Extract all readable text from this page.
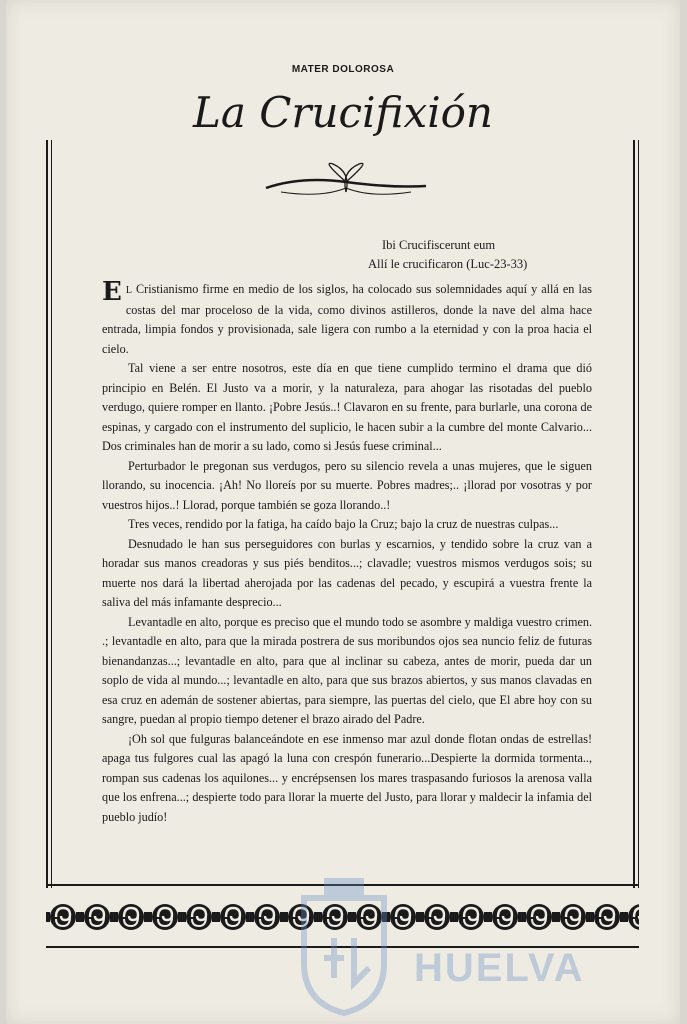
MATER DOLOROSA
La Crucifixión
Ibi Crucifiscerunt eum
Allí le crucificaron (Luc-23-33)

E L Cristianismo firme en medio de los siglos, ha colocado sus solemnidades aquí y allá en las costas del mar proceloso de la vida, como divinos astilleros, donde la nave del alma hace entrada, limpia fondos y provisionada, sale ligera con rumbo a la eternidad y con la proa hacia el cielo.

Tal viene a ser entre nosotros, este día en que tiene cumplido termino el drama que dió principio en Belén. El Justo va a morir, y la naturaleza, para ahogar las risotadas del pueblo verdugo, quiere romper en llanto. ¡Pobre Jesús..! Clavaron en su frente, para burlarle, una corona de espinas, y cargado con el instrumento del suplicio, le hacen subir a la cumbre del monte Calvario... Dos criminales han de morir a su lado, como si Jesús fuese criminal...

Perturbador le pregonan sus verdugos, pero su silencio revela a unas mujeres, que le siguen llorando, su inocencia. ¡Ah! No lloreís por su muerte. Pobres madres;.. ¡llorad por vosotras y por vuestros hijos..! Llorad, porque también se goza llorando..!

Tres veces, rendido por la fatiga, ha caído bajo la Cruz; bajo la cruz de nuestras culpas...

Desnudado le han sus perseguidores con burlas y escarnios, y tendido sobre la cruz van a horadar sus manos creadoras y sus piés benditos...; clavadle; vuestros mismos verdugos sois; su muerte nos dará la libertad aherojada por las cadenas del pecado, y escupirá a vuestra frente la saliva del más infamante desprecio...

Levantadle en alto, porque es preciso que el mundo todo se asombre y maldiga vuestro crimen. .; levantadle en alto, para que la mirada postrera de sus moribundos ojos sea nuncio feliz de futuras bienandanzas...; levantadle en alto, para que al inclinar su cabeza, antes de morir, pueda dar un soplo de vida al mundo...; levantadle en alto, para que sus brazos abiertos, y sus manos clavadas en esa cruz en ademán de sostener abiertas, para siempre, las puertas del cielo, que El abre hoy con su sangre, puedan al propio tiempo detener el brazo airado del Padre.

¡Oh sol que fulguras balanceándote en ese inmenso mar azul donde flotan ondas de estrellas! apaga tus fulgores cual las apagó la luna con crespón funerario...Despierte la dormida tormenta.., rompan sus cadenas los aquilones... y encrépsensen los mares traspasando furiosos la arenosa valla que los enfrena...; despierte todo para llorar la muerte del Justo, para llorar y maldecir la infamia del pueblo judío!

HUELVA
